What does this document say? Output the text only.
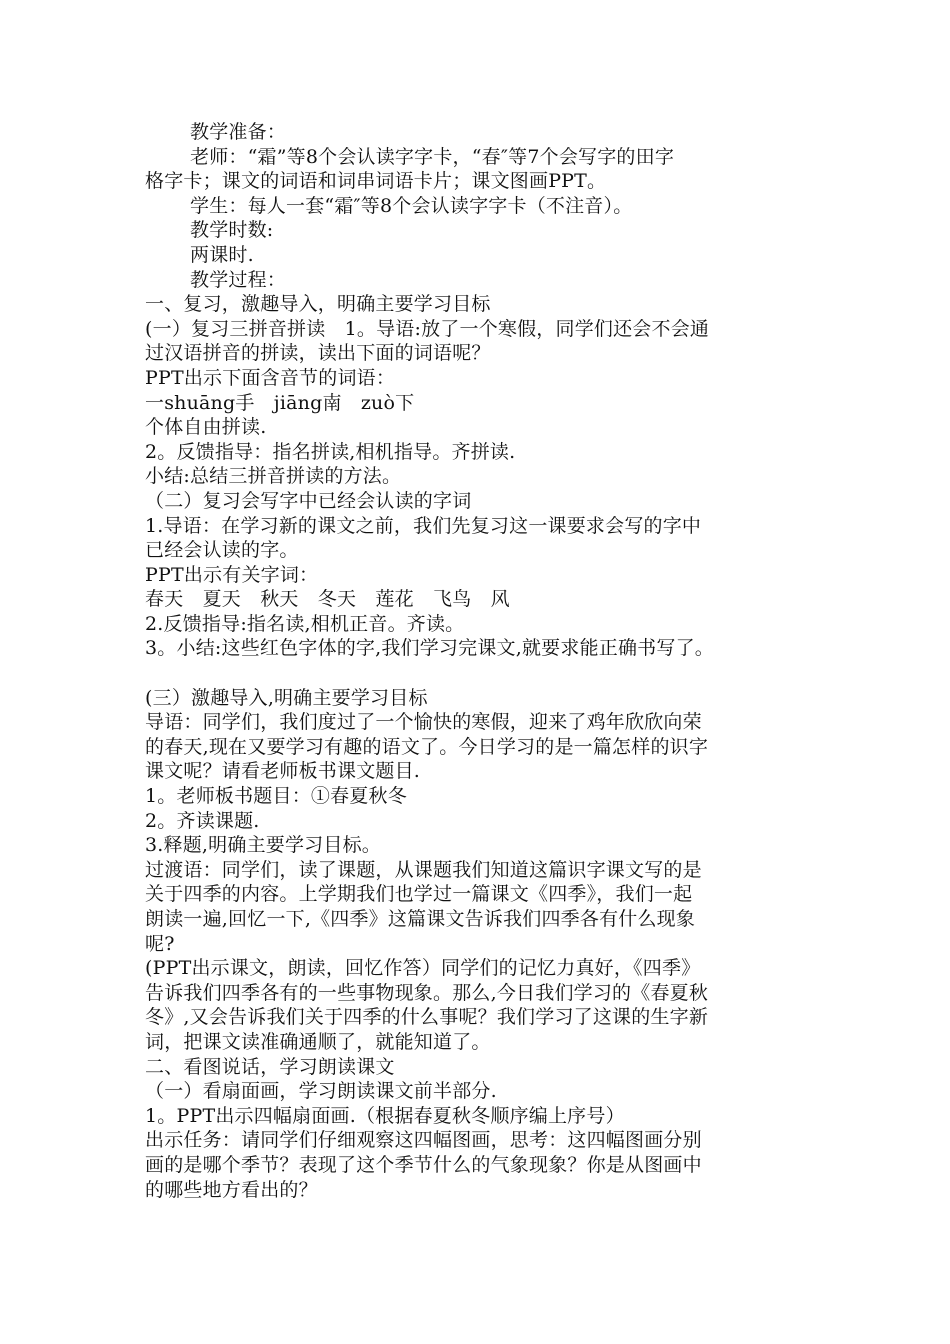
教学准备：
老师：“霜”等8个会认读字字卡，“春″等7个会写字的田字
格字卡；课文的词语和词串词语卡片；课文图画PPT。
学生：每人一套“霜″等8个会认读字字卡（不注音）。
教学时数:
两课时.
教学过程：
一、复习，激趣导入，明确主要学习目标
(一）复习三拼音拼读　1。导语:放了一个寒假，同学们还会不会通
过汉语拼音的拼读，读出下面的词语呢？
PPT出示下面含音节的词语：
一shuāng手　jiāng南　zuò下
个体自由拼读.
2。反馈指导：指名拼读,相机指导。齐拼读.
小结:总结三拼音拼读的方法。
（二）复习会写字中已经会认读的字词
1.导语：在学习新的课文之前，我们先复习这一课要求会写的字中
已经会认读的字。
PPT出示有关字词：
春天　夏天　秋天　冬天　莲花　飞鸟　风
2.反馈指导:指名读,相机正音。齐读。
3。小结:这些红色字体的字,我们学习完课文,就要求能正确书写了。
(三）激趣导入,明确主要学习目标
导语：同学们，我们度过了一个愉快的寒假，迎来了鸡年欣欣向荣
的春天,现在又要学习有趣的语文了。今日学习的是一篇怎样的识字
课文呢？请看老师板书课文题目.
1。老师板书题目：①春夏秋冬
2。齐读课题.
3.释题,明确主要学习目标。
过渡语：同学们，读了课题，从课题我们知道这篇识字课文写的是
关于四季的内容。上学期我们也学过一篇课文《四季》，我们一起
朗读一遍,回忆一下,《四季》这篇课文告诉我们四季各有什么现象
呢?
(PPT出示课文，朗读，回忆作答）同学们的记忆力真好，《四季》
告诉我们四季各有的一些事物现象。那么,今日我们学习的《春夏秋
冬》,又会告诉我们关于四季的什么事呢？我们学习了这课的生字新
词，把课文读准确通顺了，就能知道了。
二、看图说话，学习朗读课文
（一）看扇面画，学习朗读课文前半部分.
1。PPT出示四幅扇面画.（根据春夏秋冬顺序编上序号）
出示任务：请同学们仔细观察这四幅图画，思考：这四幅图画分别
画的是哪个季节？表现了这个季节什么的气象现象？你是从图画中
的哪些地方看出的？
